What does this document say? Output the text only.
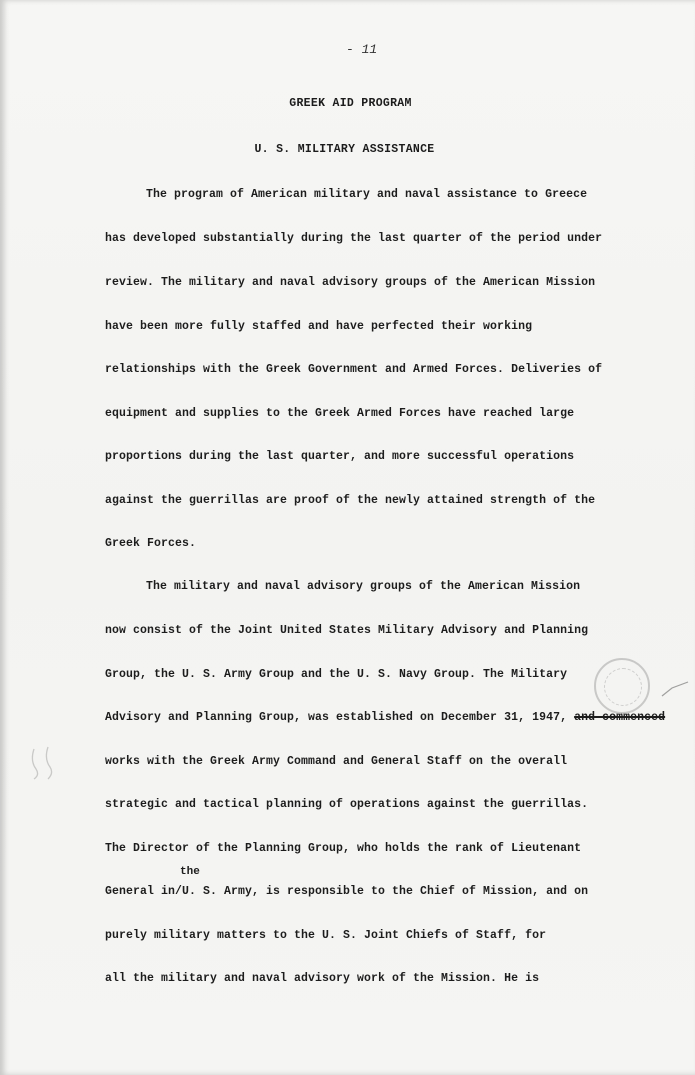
- 11
GREEK AID PROGRAM
U. S. MILITARY ASSISTANCE
The program of American military and naval assistance to Greece
has developed substantially during the last quarter of the period under
review. The military and naval advisory groups of the American Mission
have been more fully staffed and have perfected their working
relationships with the Greek Government and Armed Forces. Deliveries of
equipment and supplies to the Greek Armed Forces have reached large
proportions during the last quarter, and more successful operations
against the guerrillas are proof of the newly attained strength of the
Greek Forces.
The military and naval advisory groups of the American Mission
now consist of the Joint United States Military Advisory and Planning
Group, the U. S. Army Group and the U. S. Navy Group. The Military
Advisory and Planning Group, was established on December 31, 1947, and commenced
works with the Greek Army Command and General Staff on the overall
strategic and tactical planning of operations against the guerrillas.
The Director of the Planning Group, who holds the rank of Lieutenant
the
General in/U. S. Army, is responsible to the Chief of Mission, and on
purely military matters to the U. S. Joint Chiefs of Staff, for
all the military and naval advisory work of the Mission. He is
